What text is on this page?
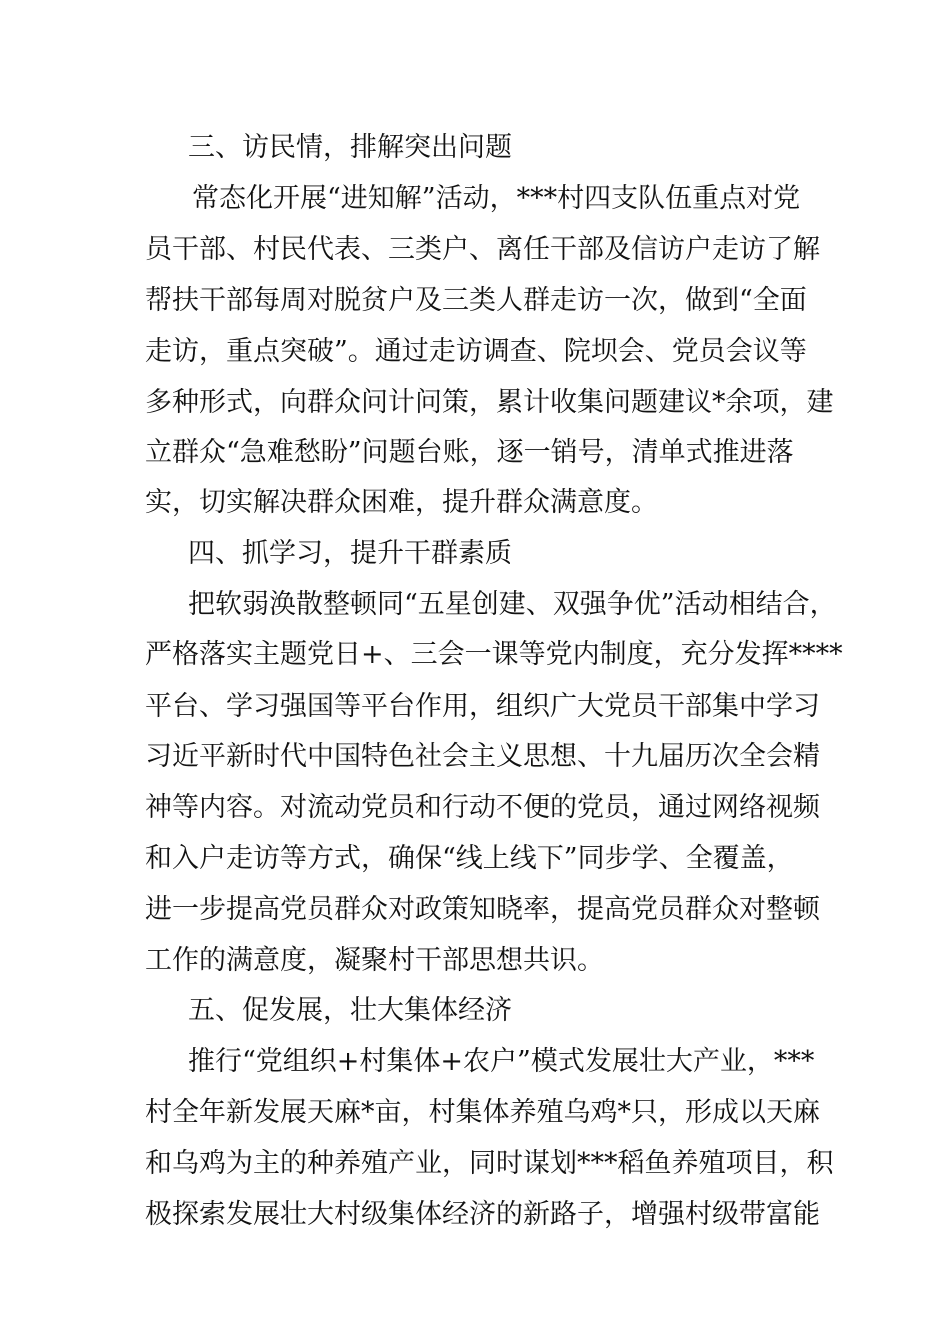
三、访民情，排解突出问题
常态化开展“进知解”活动，***村四支队伍重点对党
员干部、村民代表、三类户、离任干部及信访户走访了解
帮扶干部每周对脱贫户及三类人群走访一次，做到“全面
走访，重点突破”。通过走访调查、院坝会、党员会议等
多种形式，向群众问计问策，累计收集问题建议*余项，建
立群众“急难愁盼”问题台账，逐一销号，清单式推进落
实，切实解决群众困难，提升群众满意度。
四、抓学习，提升干群素质
把软弱涣散整顿同“五星创建、双强争优”活动相结合，
严格落实主题党日+、三会一课等党内制度，充分发挥****
平台、学习强国等平台作用，组织广大党员干部集中学习
习近平新时代中国特色社会主义思想、十九届历次全会精
神等内容。对流动党员和行动不便的党员，通过网络视频
和入户走访等方式，确保“线上线下”同步学、全覆盖，
进一步提高党员群众对政策知晓率，提高党员群众对整顿
工作的满意度，凝聚村干部思想共识。
五、促发展，壮大集体经济
推行“党组织+村集体+农户”模式发展壮大产业，***
村全年新发展天麻*亩，村集体养殖乌鸡*只，形成以天麻
和乌鸡为主的种养殖产业，同时谋划***稻鱼养殖项目，积
极探索发展壮大村级集体经济的新路子，增强村级带富能
